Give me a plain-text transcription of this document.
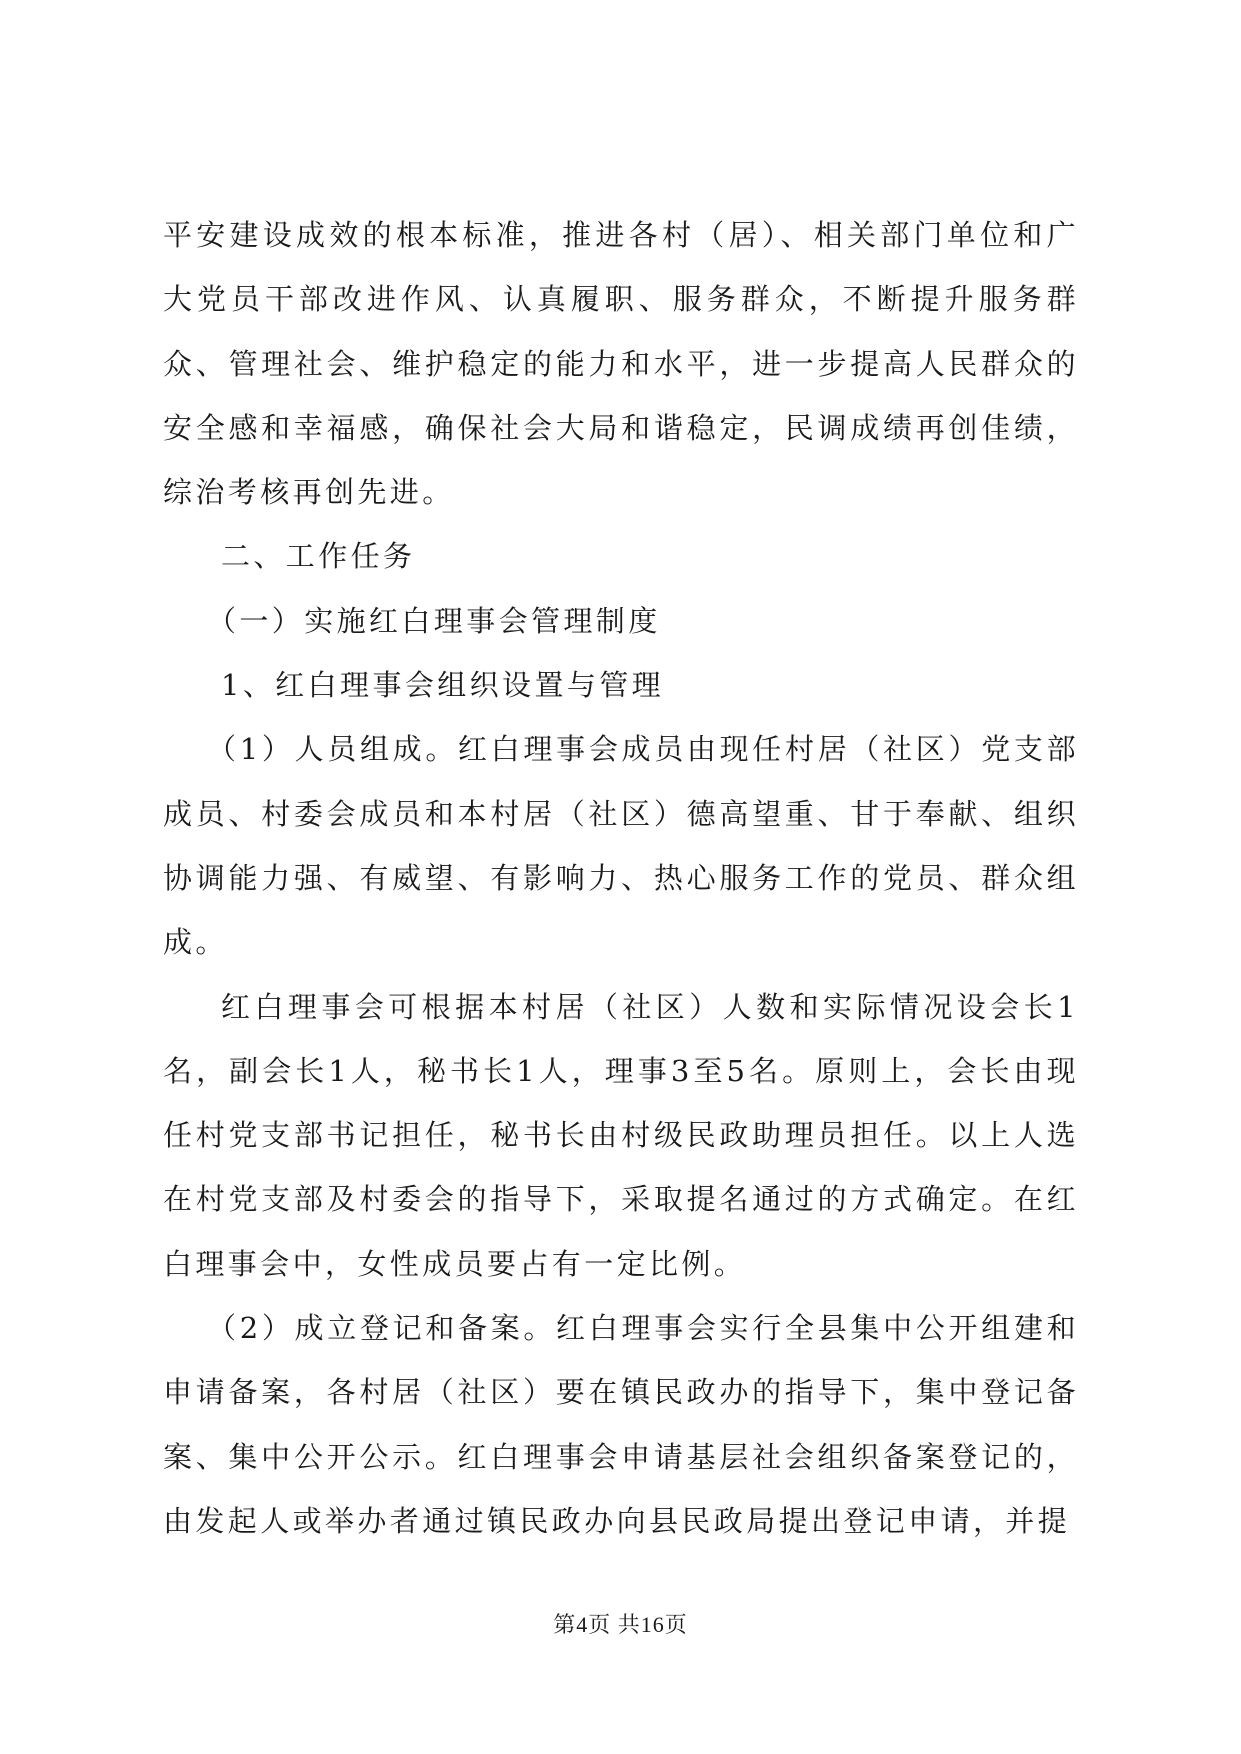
平安建设成效的根本标准，推进各村（居）、相关部门单位和广大党员干部改进作风、认真履职、服务群众，不断提升服务群众、管理社会、维护稳定的能力和水平，进一步提高人民群众的安全感和幸福感，确保社会大局和谐稳定，民调成绩再创佳绩，综治考核再创先进。

二、工作任务

（一）实施红白理事会管理制度

1、红白理事会组织设置与管理

（1）人员组成。红白理事会成员由现任村居（社区）党支部成员、村委会成员和本村居（社区）德高望重、甘于奉献、组织协调能力强、有威望、有影响力、热心服务工作的党员、群众组成。

红白理事会可根据本村居（社区）人数和实际情况设会长1名，副会长1人，秘书长1人，理事3至5名。原则上，会长由现任村党支部书记担任，秘书长由村级民政助理员担任。以上人选在村党支部及村委会的指导下，采取提名通过的方式确定。在红白理事会中，女性成员要占有一定比例。

（2）成立登记和备案。红白理事会实行全县集中公开组建和申请备案，各村居（社区）要在镇民政办的指导下，集中登记备案、集中公开公示。红白理事会申请基层社会组织备案登记的，由发起人或举办者通过镇民政办向县民政局提出登记申请，并提

第4页 共16页
